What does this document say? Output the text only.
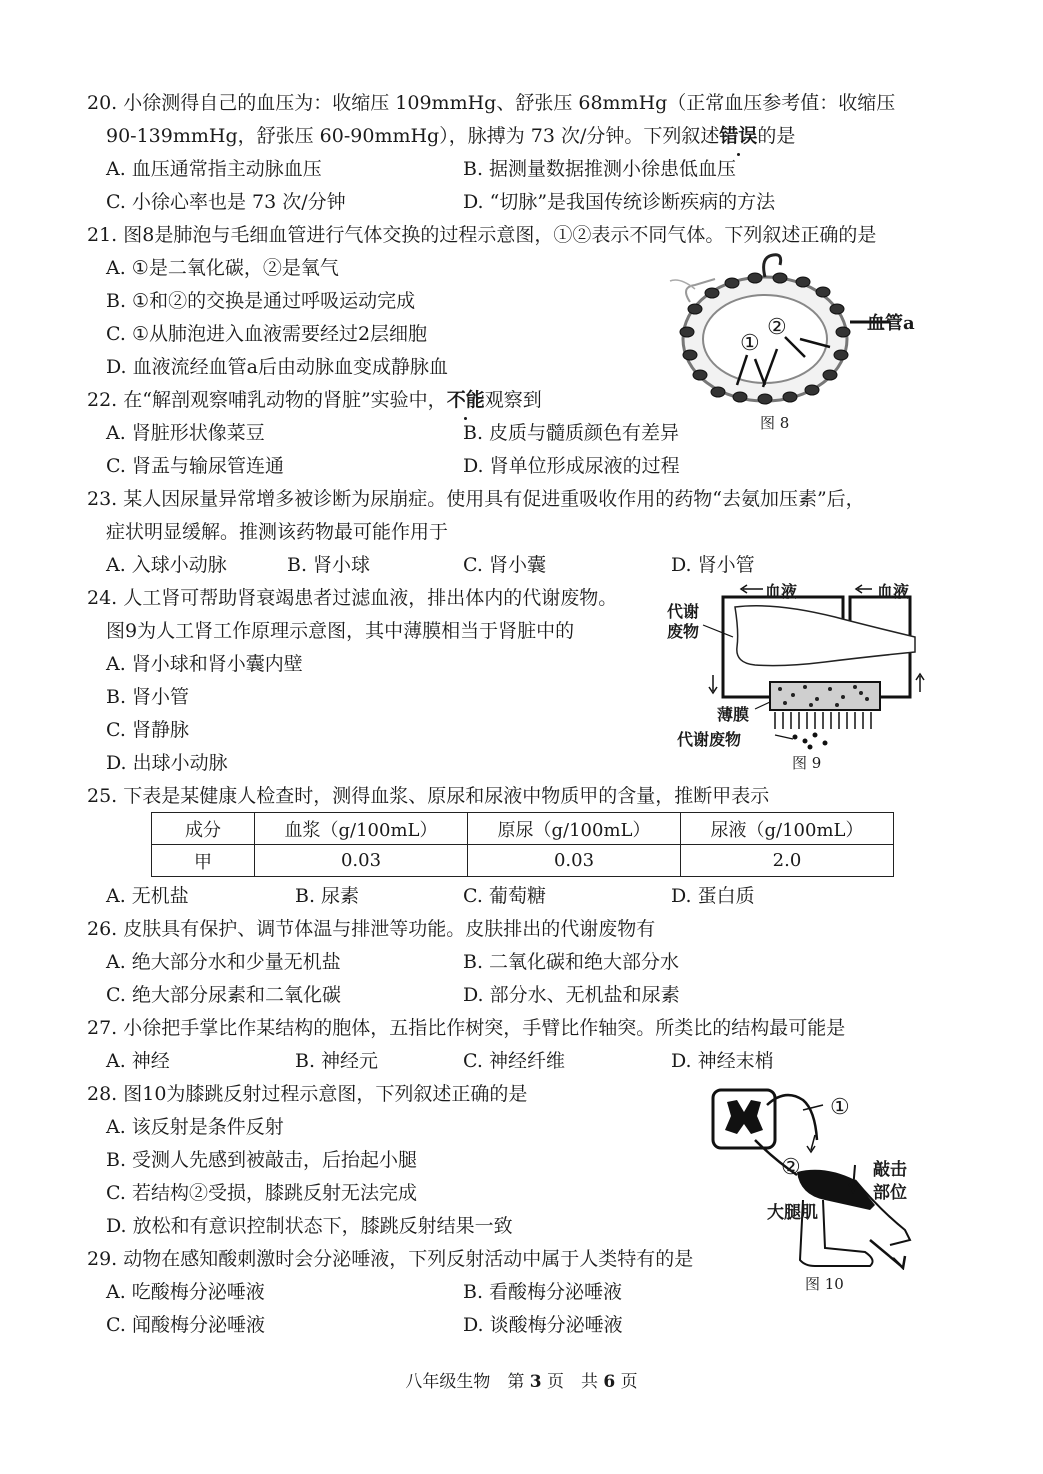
20. 小徐测得自己的血压为：收缩压 109mmHg、舒张压 68mmHg（正常血压参考值：收缩压
90-139mmHg，舒张压 60-90mmHg），脉搏为 73 次/分钟。下列叙述错误的是
A. 血压通常指主动脉血压	B. 据测量数据推测小徐患低血压
C. 小徐心率也是 73 次/分钟	D. “切脉”是我国传统诊断疾病的方法
21. 图8是肺泡与毛细血管进行气体交换的过程示意图，①②表示不同气体。下列叙述正确的是
A. ①是二氧化碳，②是氧气
B. ①和②的交换是通过呼吸运动完成
C. ①从肺泡进入血液需要经过2层细胞
D. 血液流经血管a后由动脉血变成静脉血
①
②	血管a
图 8
22. 在“解剖观察哺乳动物的肾脏”实验中，不能观察到
A. 肾脏形状像菜豆	B. 皮质与髓质颜色有差异
C. 肾盂与输尿管连通	D. 肾单位形成尿液的过程
23. 某人因尿量异常增多被诊断为尿崩症。使用具有促进重吸收作用的药物“去氨加压素”后，
症状明显缓解。推测该药物最可能作用于
A. 入球小动脉	B. 肾小球	C. 肾小囊	D. 肾小管
24. 人工肾可帮助肾衰竭患者过滤血液，排出体内的代谢废物。
图9为人工肾工作原理示意图，其中薄膜相当于肾脏中的
A. 肾小球和肾小囊内壁
B. 肾小管
C. 肾静脉
D. 出球小动脉
血液	血液
代谢
废物
薄膜
代谢废物
图 9
25. 下表是某健康人检查时，测得血浆、原尿和尿液中物质甲的含量，推断甲表示
成分	血浆（g/100mL）	原尿（g/100mL）	尿液（g/100mL）
甲	0.03	0.03	2.0
A. 无机盐	B. 尿素	C. 葡萄糖	D. 蛋白质
26. 皮肤具有保护、调节体温与排泄等功能。皮肤排出的代谢废物有
A. 绝大部分水和少量无机盐	B. 二氧化碳和绝大部分水
C. 绝大部分尿素和二氧化碳	D. 部分水、无机盐和尿素
27. 小徐把手掌比作某结构的胞体，五指比作树突，手臂比作轴突。所类比的结构最可能是
A. 神经	B. 神经元	C. 神经纤维	D. 神经末梢
28. 图10为膝跳反射过程示意图，下列叙述正确的是
A. 该反射是条件反射
B. 受测人先感到被敲击，后抬起小腿
C. 若结构②受损，膝跳反射无法完成
D. 放松和有意识控制状态下，膝跳反射结果一致
①
②	敲击
部位
大腿肌
图 10
29. 动物在感知酸刺激时会分泌唾液，下列反射活动中属于人类特有的是
A. 吃酸梅分泌唾液	B. 看酸梅分泌唾液
C. 闻酸梅分泌唾液	D. 谈酸梅分泌唾液
八年级生物　第 3 页　共 6 页
